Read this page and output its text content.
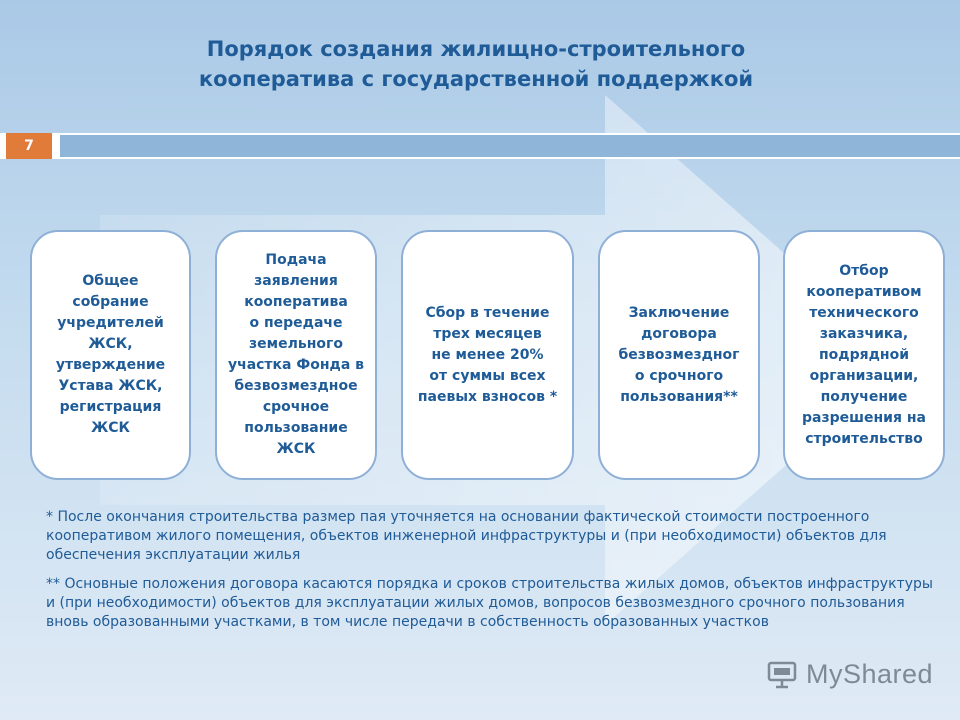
Порядок создания жилищно-строительного
кооператива с государственной поддержкой
7
Общее
собрание
учредителей
ЖСК,
утверждение
Устава ЖСК,
регистрация
ЖСК
Подача
заявления
кооператива
о передаче
земельного
участка Фонда в
безвозмездное
срочное
пользование
ЖСК
Сбор в течение
трех месяцев
не менее 20%
от суммы всех
паевых взносов *
Заключение
договора
безвозмездног
о срочного
пользования**
Отбор
кооперативом
технического
заказчика,
подрядной
организации,
получение
разрешения на
строительство

* После окончания строительства размер пая уточняется на основании фактической стоимости построенного кооперативом жилого помещения, объектов инженерной инфраструктуры и (при необходимости) объектов для обеспечения эксплуатации жилья

** Основные положения договора касаются порядка и сроков строительства жилых домов, объектов инфраструктуры и (при необходимости) объектов для эксплуатации жилых домов, вопросов безвозмездного срочного пользования вновь образованными участками, в том числе передачи в собственность образованных участков

MyShared
